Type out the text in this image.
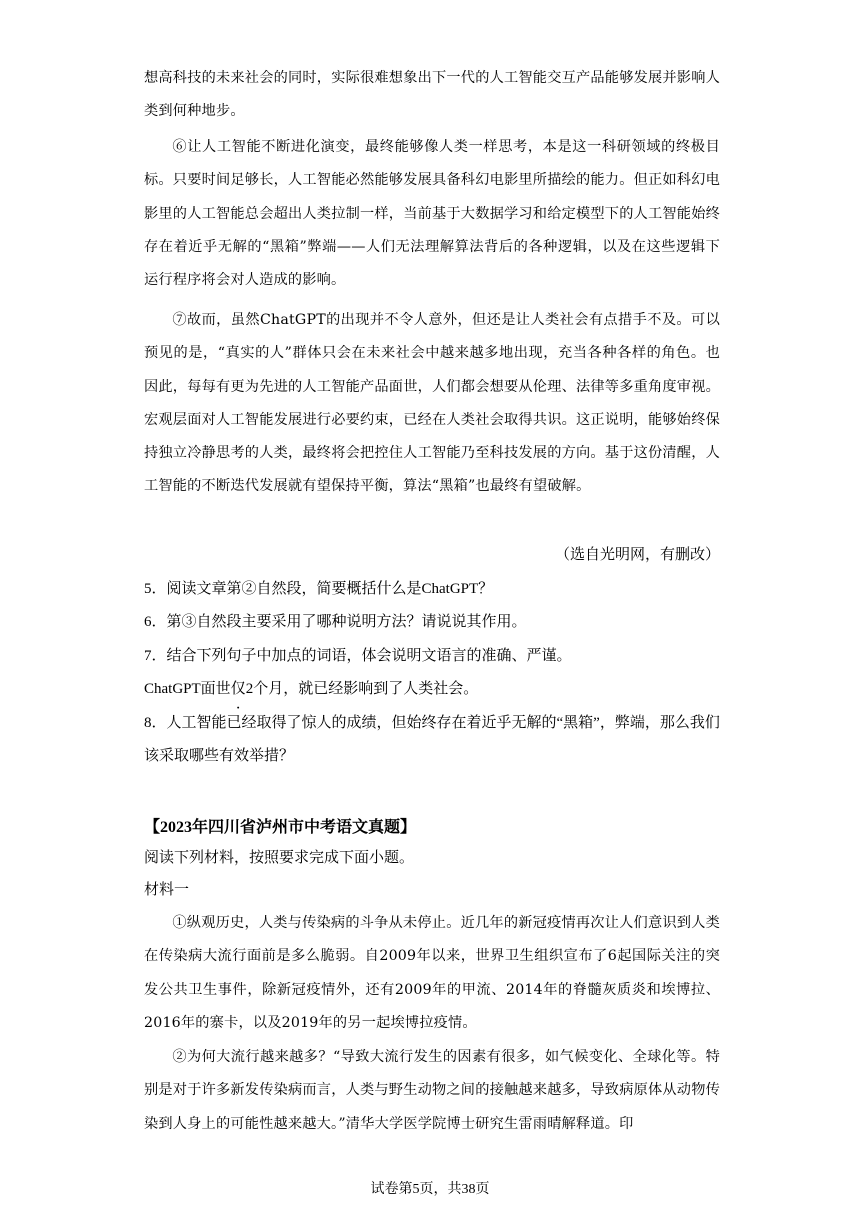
想高科技的未来社会的同时，实际很难想象出下一代的人工智能交互产品能够发展并影响人类到何种地步。

⑥让人工智能不断进化演变，最终能够像人类一样思考，本是这一科研领域的终极目标。只要时间足够长，人工智能必然能够发展具备科幻电影里所描绘的能力。但正如科幻电影里的人工智能总会超出人类拉制一样，当前基于大数据学习和给定模型下的人工智能始终存在着近乎无解的“黑箱”弊端——人们无法理解算法背后的各种逻辑，以及在这些逻辑下运行程序将会对人造成的影响。

⑦故而，虽然ChatGPT的出现并不令人意外，但还是让人类社会有点措手不及。可以预见的是，“真实的人”群体只会在未来社会中越来越多地出现，充当各种各样的角色。也因此，每每有更为先进的人工智能产品面世，人们都会想要从伦理、法律等多重角度审视。宏观层面对人工智能发展进行必要约束，已经在人类社会取得共识。这正说明，能够始终保持独立冷静思考的人类，最终将会把控住人工智能乃至科技发展的方向。基于这份清醒，人工智能的不断迭代发展就有望保持平衡，算法“黑箱”也最终有望破解。

（选自光明网，有删改）

5．阅读文章第②自然段，简要概括什么是ChatGPT？

6．第③自然段主要采用了哪种说明方法？请说说其作用。

7．结合下列句子中加点的词语，体会说明文语言的准确、严谨。

ChatGPT面世仅2个月，就已经影响到了人类社会。

8．人工智能已经取得了惊人的成绩，但始终存在着近乎无解的“黑箱”，弊端，那么我们该采取哪些有效举措？

【2023年四川省泸州市中考语文真题】

阅读下列材料，按照要求完成下面小题。

材料一

①纵观历史，人类与传染病的斗争从未停止。近几年的新冠疫情再次让人们意识到人类在传染病大流行面前是多么脆弱。自2009年以来，世界卫生组织宣布了6起国际关注的突发公共卫生事件，除新冠疫情外，还有2009年的甲流、2014年的脊髓灰质炎和埃博拉、2016年的寨卡，以及2019年的另一起埃博拉疫情。

②为何大流行越来越多？“导致大流行发生的因素有很多，如气候变化、全球化等。特别是对于许多新发传染病而言，人类与野生动物之间的接触越来越多，导致病原体从动物传染到人身上的可能性越来越大。”清华大学医学院博士研究生雷雨晴解释道。印

试卷第5页，共38页
